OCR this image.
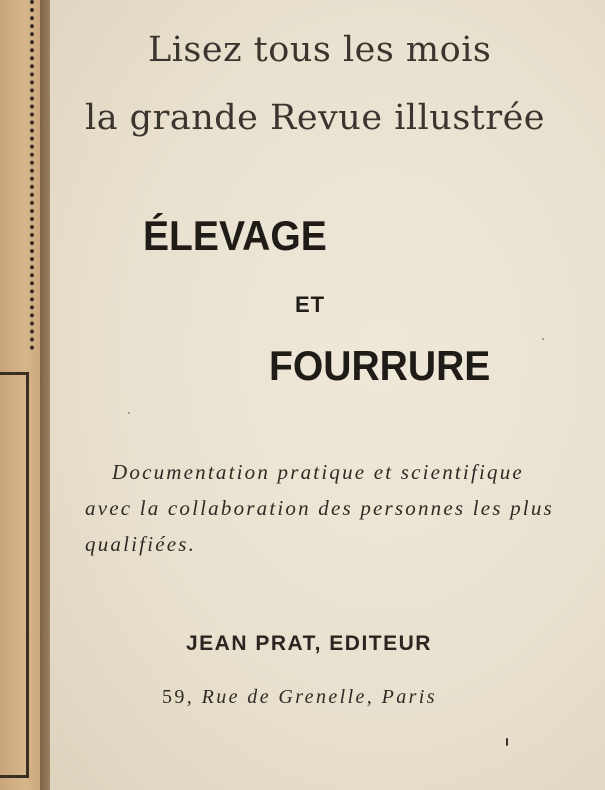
Lisez tous les mois

la grande Revue illustrée

ÉLEVAGE

ET

FOURRURE

Documentation pratique et scientifique

avec la collaboration des personnes les plus

qualifiées.

JEAN PRAT, EDITEUR

59, Rue de Grenelle, Paris
